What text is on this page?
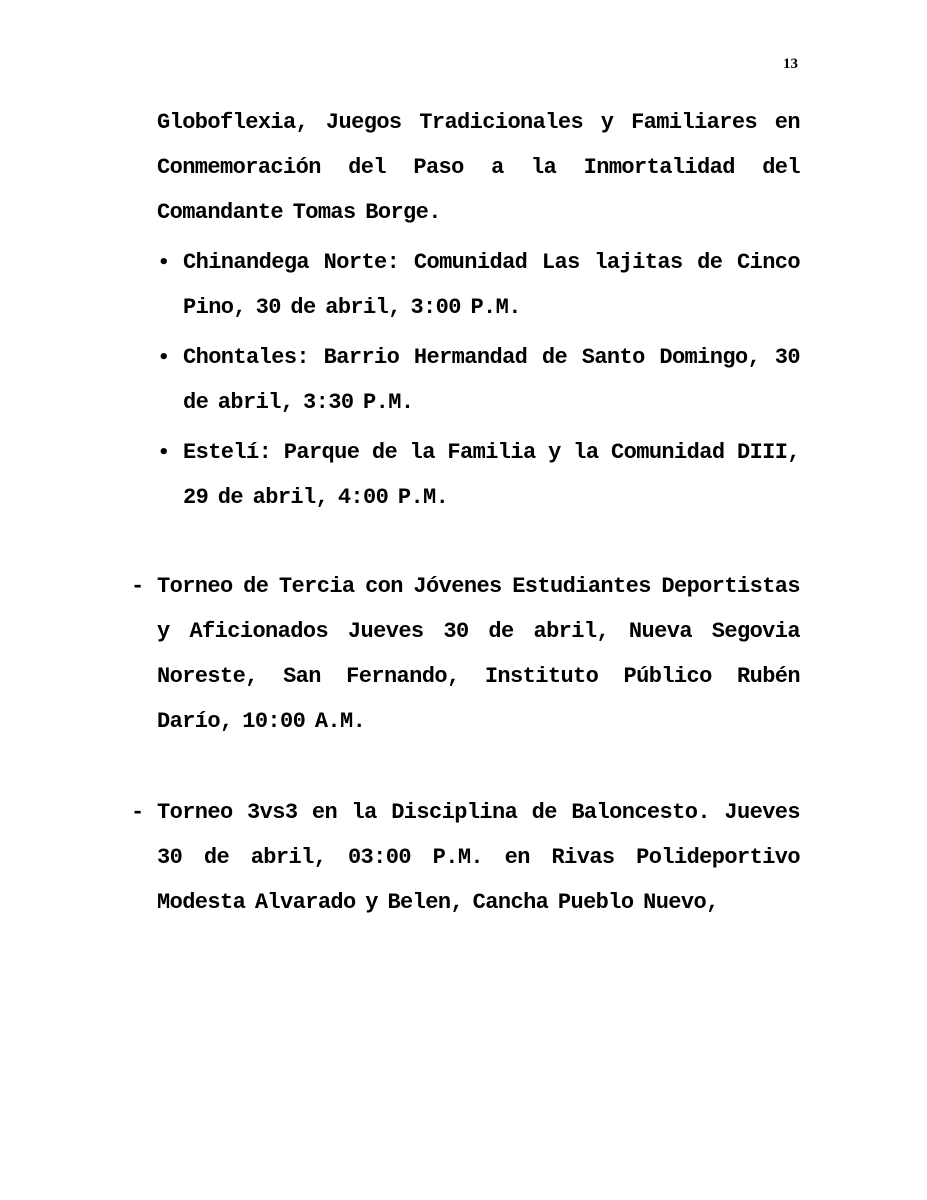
13
Globoflexia, Juegos Tradicionales y Familiares en Conmemoración del Paso a la Inmortalidad del Comandante Tomas Borge.
• Chinandega Norte: Comunidad Las lajitas de Cinco Pino, 30 de abril, 3:00 P.M.
• Chontales: Barrio Hermandad de Santo Domingo, 30 de abril, 3:30 P.M.
• Estelí: Parque de la Familia y la Comunidad DIII, 29 de abril, 4:00 P.M.
- Torneo de Tercia con Jóvenes Estudiantes Deportistas y Aficionados Jueves 30 de abril, Nueva Segovia Noreste, San Fernando, Instituto Público Rubén Darío, 10:00 A.M.
- Torneo 3vs3 en la Disciplina de Baloncesto. Jueves 30 de abril, 03:00 P.M. en Rivas Polideportivo Modesta Alvarado y Belen, Cancha Pueblo Nuevo,
